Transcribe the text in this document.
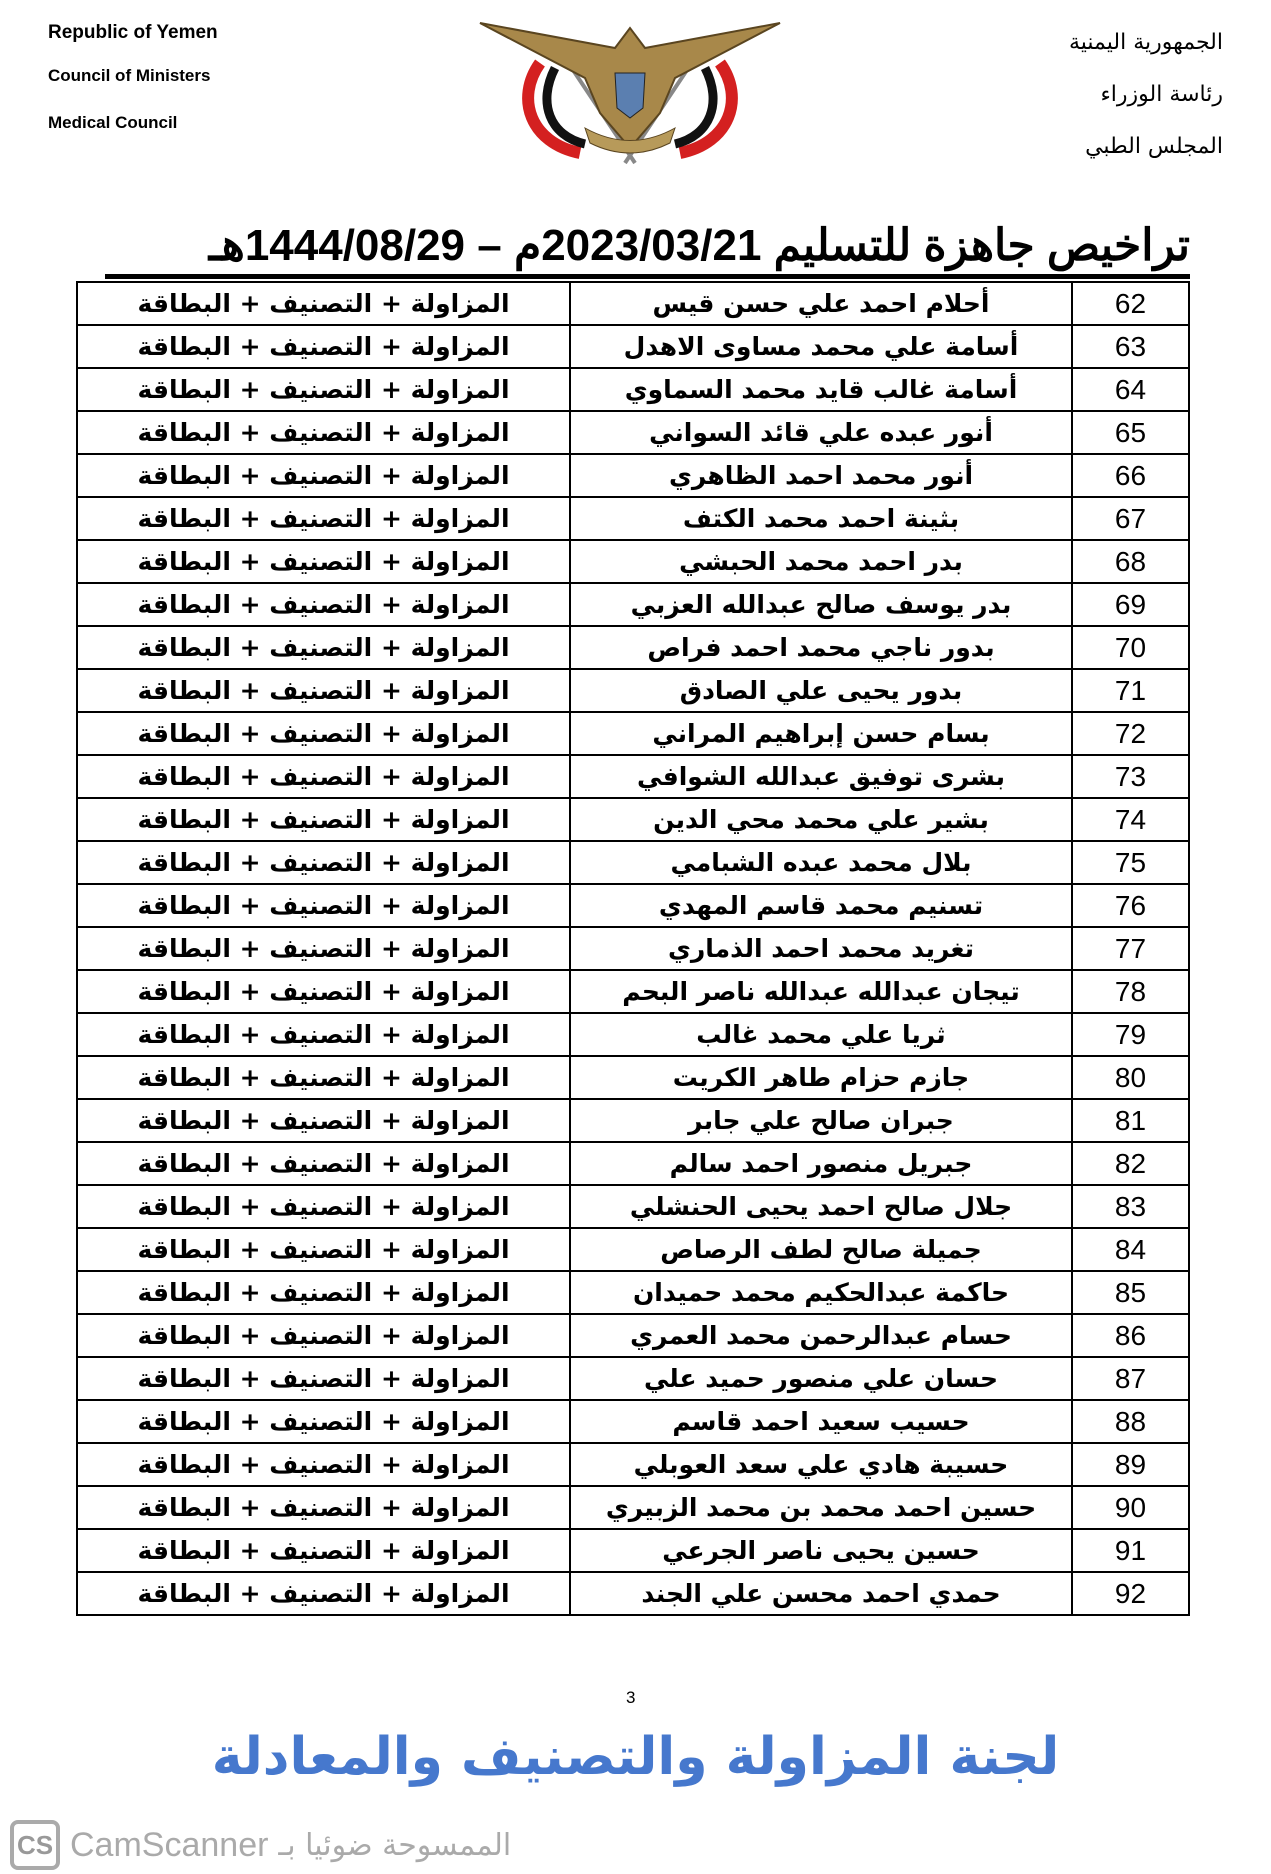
Republic of Yemen
Council of Ministers
Medical Council
الجمهورية اليمنية
رئاسة الوزراء
المجلس الطبي
تراخيص جاهزة للتسليم 2023/03/21م – 1444/08/29هـ
62	أحلام احمد علي حسن قيس	المزاولة + التصنيف + البطاقة
63	أسامة علي محمد مساوى الاهدل	المزاولة + التصنيف + البطاقة
64	أسامة غالب قايد محمد السماوي	المزاولة + التصنيف + البطاقة
65	أنور عبده علي قائد السواني	المزاولة + التصنيف + البطاقة
66	أنور محمد احمد الظاهري	المزاولة + التصنيف + البطاقة
67	بثينة احمد محمد الكتف	المزاولة + التصنيف + البطاقة
68	بدر احمد محمد الحبشي	المزاولة + التصنيف + البطاقة
69	بدر يوسف صالح عبدالله العزبي	المزاولة + التصنيف + البطاقة
70	بدور ناجي محمد احمد فراص	المزاولة + التصنيف + البطاقة
71	بدور يحيى علي الصادق	المزاولة + التصنيف + البطاقة
72	بسام حسن إبراهيم المراني	المزاولة + التصنيف + البطاقة
73	بشرى توفيق عبدالله الشوافي	المزاولة + التصنيف + البطاقة
74	بشير علي محمد محي الدين	المزاولة + التصنيف + البطاقة
75	بلال محمد عبده الشبامي	المزاولة + التصنيف + البطاقة
76	تسنيم محمد قاسم المهدي	المزاولة + التصنيف + البطاقة
77	تغريد محمد احمد الذماري	المزاولة + التصنيف + البطاقة
78	تيجان عبدالله عبدالله ناصر البحم	المزاولة + التصنيف + البطاقة
79	ثريا علي محمد غالب	المزاولة + التصنيف + البطاقة
80	جازم حزام طاهر الكريت	المزاولة + التصنيف + البطاقة
81	جبران صالح علي جابر	المزاولة + التصنيف + البطاقة
82	جبريل منصور احمد سالم	المزاولة + التصنيف + البطاقة
83	جلال صالح احمد يحيى الحنشلي	المزاولة + التصنيف + البطاقة
84	جميلة صالح لطف الرصاص	المزاولة + التصنيف + البطاقة
85	حاكمة عبدالحكيم محمد حميدان	المزاولة + التصنيف + البطاقة
86	حسام عبدالرحمن محمد العمري	المزاولة + التصنيف + البطاقة
87	حسان علي منصور حميد علي	المزاولة + التصنيف + البطاقة
88	حسيب سعيد احمد قاسم	المزاولة + التصنيف + البطاقة
89	حسيبة هادي علي سعد العوبلي	المزاولة + التصنيف + البطاقة
90	حسين احمد محمد بن محمد الزبيري	المزاولة + التصنيف + البطاقة
91	حسين يحيى ناصر الجرعي	المزاولة + التصنيف + البطاقة
92	حمدي احمد محسن علي الجند	المزاولة + التصنيف + البطاقة
3
لجنة المزاولة والتصنيف والمعادلة
CS CamScanner الممسوحة ضوئيا بـ
